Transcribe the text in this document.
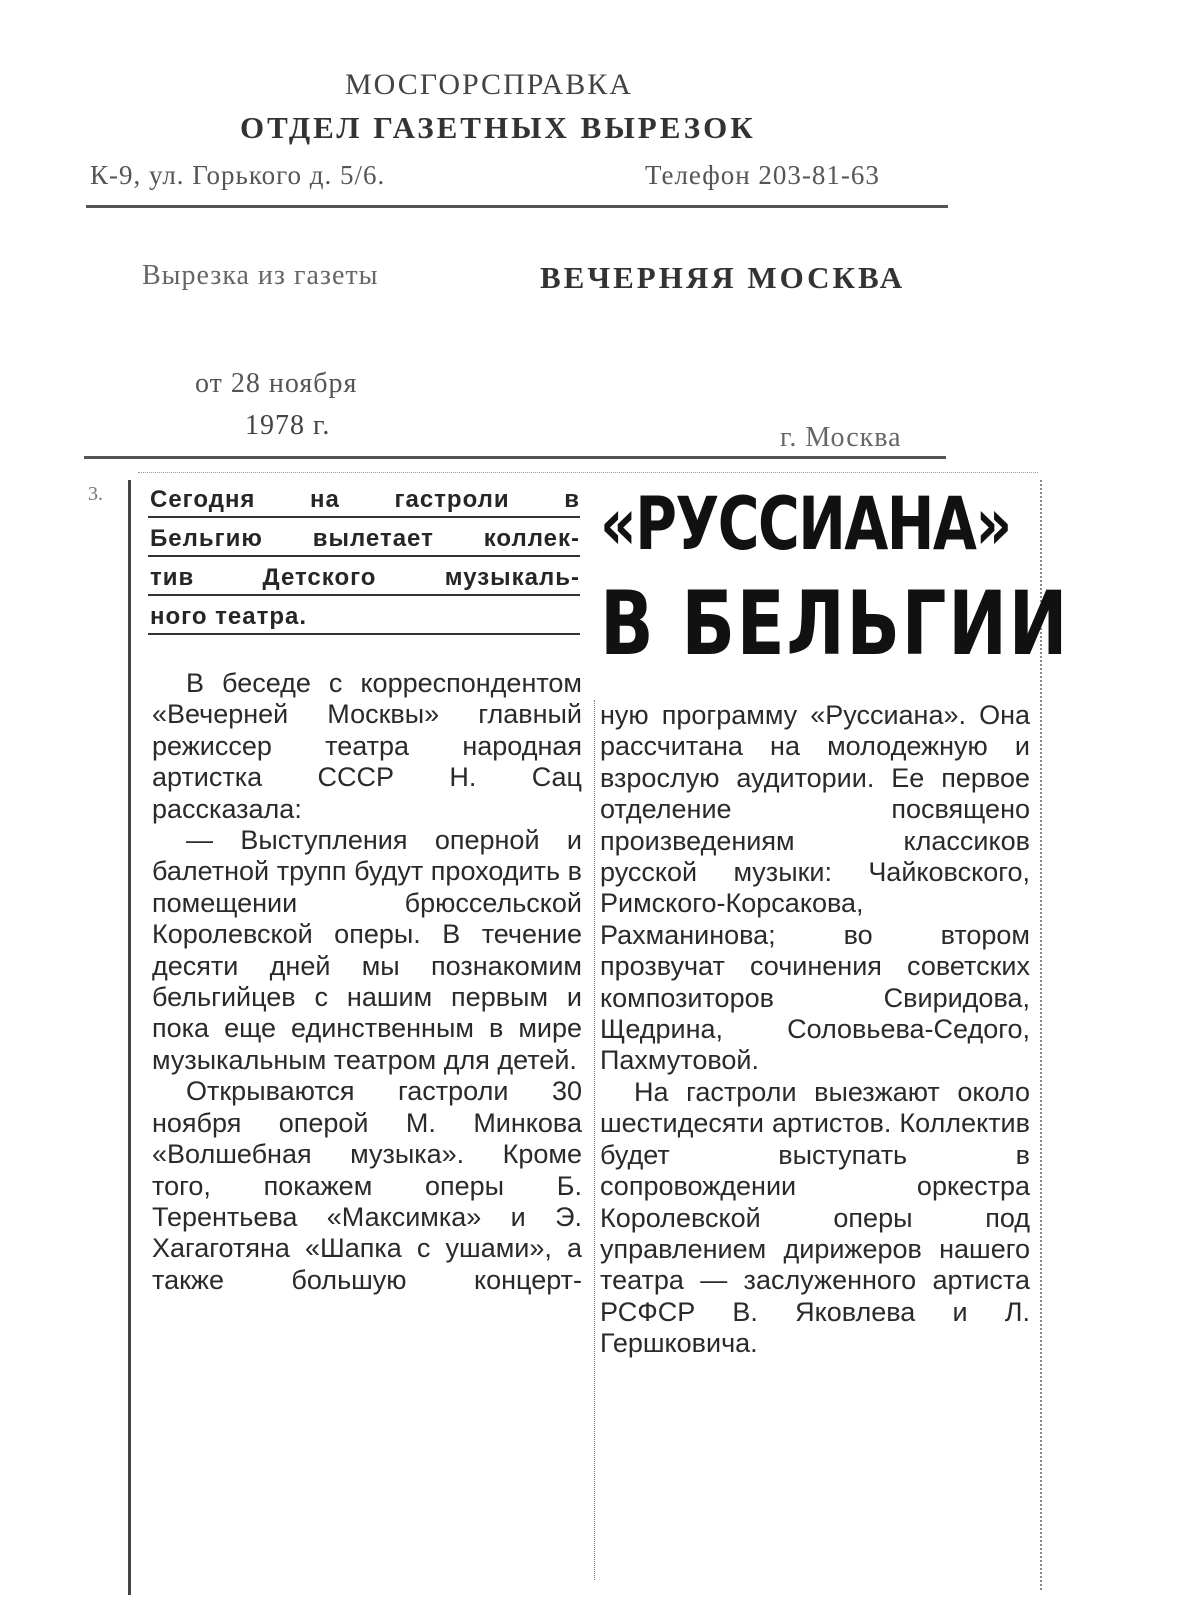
МОСГОРСПРАВКА
ОТДЕЛ ГАЗЕТНЫХ ВЫРЕЗОК
К-9, ул. Горького д. 5/6.	Телефон 203-81-63
Вырезка из газеты	ВЕЧЕРНЯЯ МОСКВА
от 28 ноября
1978 г.	г. Москва
3. Сегодня на гастроли в
Бельгию вылетает коллек-
тив Детского музыкаль-
ного театра.
«РУССИАНА»
В БЕЛЬГИИ

В беседе с корреспондентом «Вечерней Москвы» главный режиссер театра народная артистка СССР Н. Сац рассказала:

— Выступления оперной и балетной трупп будут проходить в помещении брюссельской Королевской оперы. В течение десяти дней мы познакомим бельгийцев с нашим первым и пока еще единственным в мире музыкальным театром для детей.

Открываются гастроли 30 ноября оперой М. Минкова «Волшебная музыка». Кроме того, покажем оперы Б. Терентьева «Максимка» и Э. Хагаготяна «Шапка с ушами», а также большую концерт-

ную программу «Руссиана». Она рассчитана на молодежную и взрослую аудитории. Ее первое отделение посвящено произведениям классиков русской музыки: Чайковского, Римского-Корсакова, Рахманинова; во втором прозвучат сочинения советских композиторов Свиридова, Щедрина, Соловьева-Седого, Пахмутовой.

На гастроли выезжают около шестидесяти артистов. Коллектив будет выступать в сопровождении оркестра Королевской оперы под управлением дирижеров нашего театра — заслуженного артиста РСФСР В. Яковлева и Л. Гершковича.
